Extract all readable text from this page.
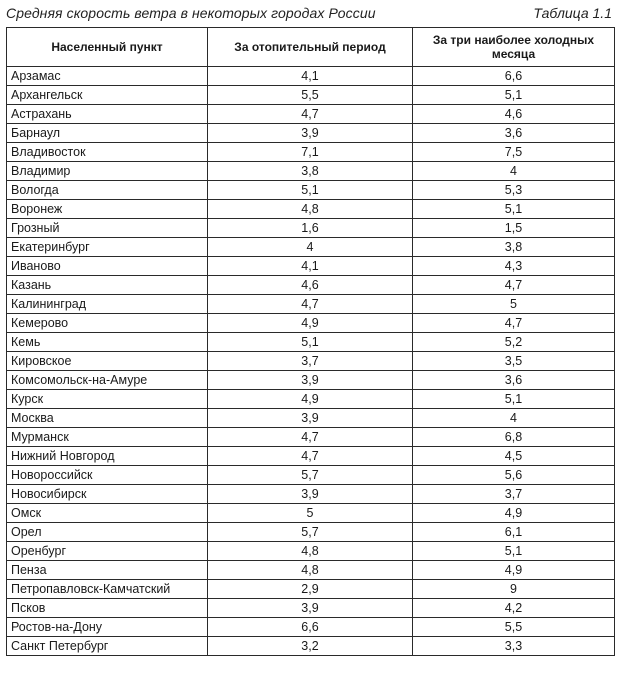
Средняя скорость ветра в некоторых городах России	Таблица 1.1
Населенный пункт	За отопительный период	За три наиболее холодных месяца
Арзамас	4,1	6,6
Архангельск	5,5	5,1
Астрахань	4,7	4,6
Барнаул	3,9	3,6
Владивосток	7,1	7,5
Владимир	3,8	4
Вологда	5,1	5,3
Воронеж	4,8	5,1
Грозный	1,6	1,5
Екатеринбург	4	3,8
Иваново	4,1	4,3
Казань	4,6	4,7
Калининград	4,7	5
Кемерово	4,9	4,7
Кемь	5,1	5,2
Кировское	3,7	3,5
Комсомольск-на-Амуре	3,9	3,6
Курск	4,9	5,1
Москва	3,9	4
Мурманск	4,7	6,8
Нижний Новгород	4,7	4,5
Новороссийск	5,7	5,6
Новосибирск	3,9	3,7
Омск	5	4,9
Орел	5,7	6,1
Оренбург	4,8	5,1
Пенза	4,8	4,9
Петропавловск-Камчатский	2,9	9
Псков	3,9	4,2
Ростов-на-Дону	6,6	5,5
Санкт Петербург	3,2	3,3
